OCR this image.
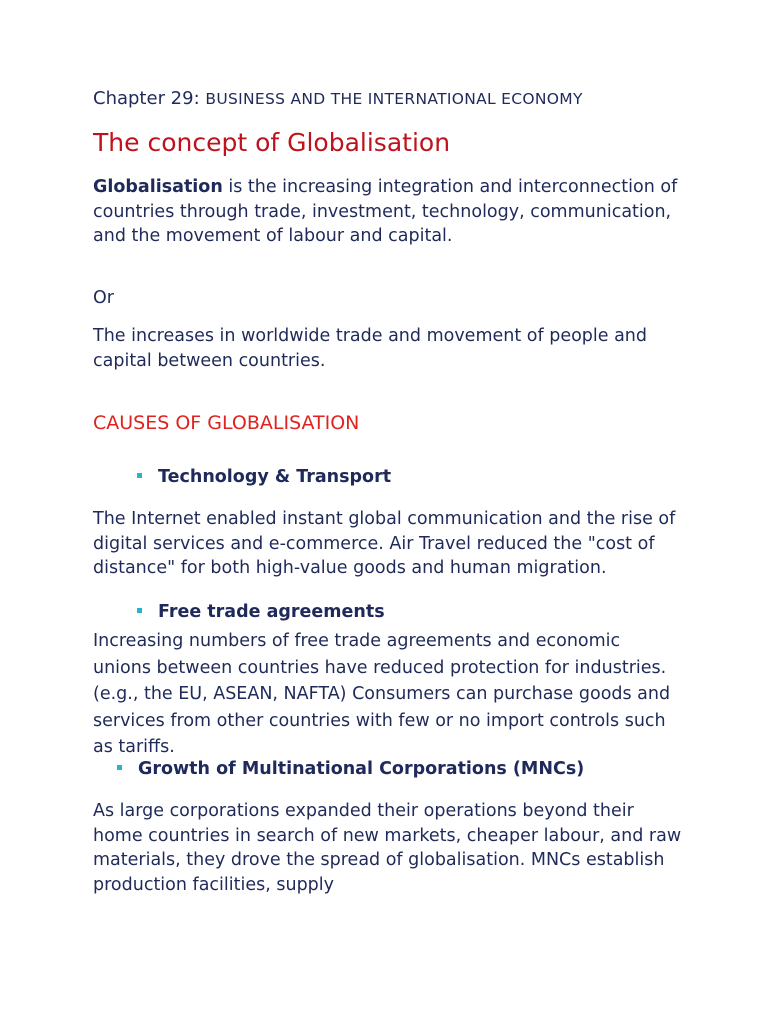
Chapter 29: BUSINESS AND THE INTERNATIONAL ECONOMY

The concept of Globalisation

Globalisation is the increasing integration and interconnection of countries through trade, investment, technology, communication, and the movement of labour and capital.

Or

The increases in worldwide trade and movement of people and capital between countries.

CAUSES OF GLOBALISATION
Technology & Transport

The Internet enabled instant global communication and the rise of digital services and e-commerce. Air Travel reduced the "cost of distance" for both high-value goods and human migration.

Free trade agreements

Increasing numbers of free trade agreements and economic unions between countries have reduced protection for industries. (e.g., the EU, ASEAN, NAFTA) Consumers can purchase goods and services from other countries with few or no import controls such as tariffs.

Growth of Multinational Corporations (MNCs)

As large corporations expanded their operations beyond their home countries in search of new markets, cheaper labour, and raw materials, they drove the spread of globalisation. MNCs establish production facilities, supply
